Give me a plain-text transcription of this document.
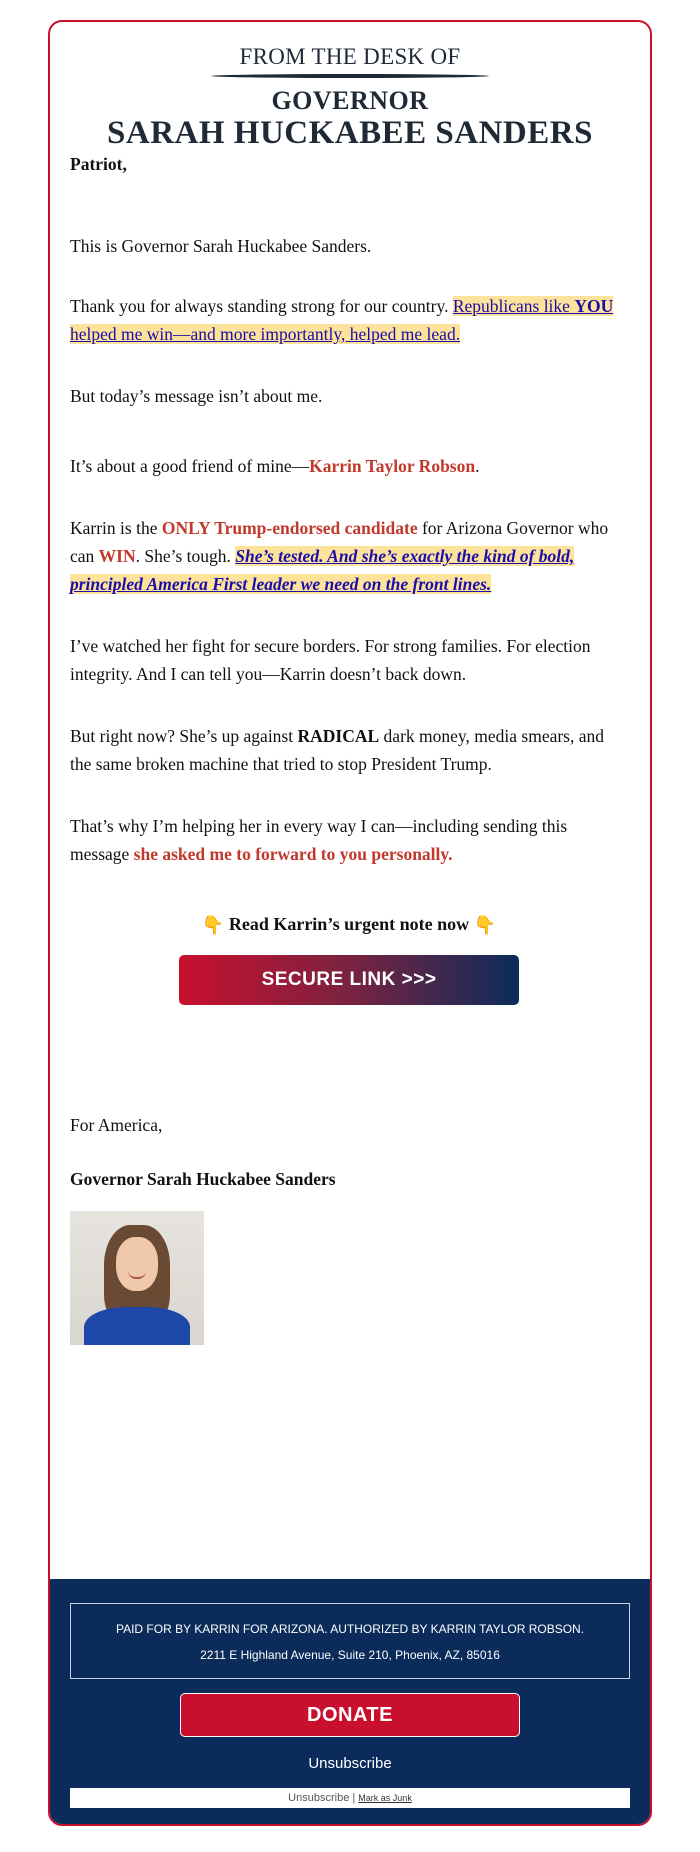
FROM THE DESK OF
GOVERNOR
SARAH HUCKABEE SANDERS

Patriot,

This is Governor Sarah Huckabee Sanders.

Thank you for always standing strong for our country. Republicans like YOU helped me win—and more importantly, helped me lead.

But today’s message isn’t about me.

It’s about a good friend of mine—Karrin Taylor Robson.

Karrin is the ONLY Trump-endorsed candidate for Arizona Governor who can WIN. She’s tough. She’s tested. And she’s exactly the kind of bold, principled America First leader we need on the front lines.

I’ve watched her fight for secure borders. For strong families. For election integrity. And I can tell you—Karrin doesn’t back down.

But right now? She’s up against RADICAL dark money, media smears, and the same broken machine that tried to stop President Trump.

That’s why I’m helping her in every way I can—including sending this message she asked me to forward to you personally.

👇 Read Karrin’s urgent note now 👇
SECURE LINK >>>

For America,

Governor Sarah Huckabee Sanders

PAID FOR BY KARRIN FOR ARIZONA. AUTHORIZED BY KARRIN TAYLOR ROBSON.
2211 E Highland Avenue, Suite 210, Phoenix, AZ, 85016
DONATE
Unsubscribe
Unsubscribe | Mark as Junk
